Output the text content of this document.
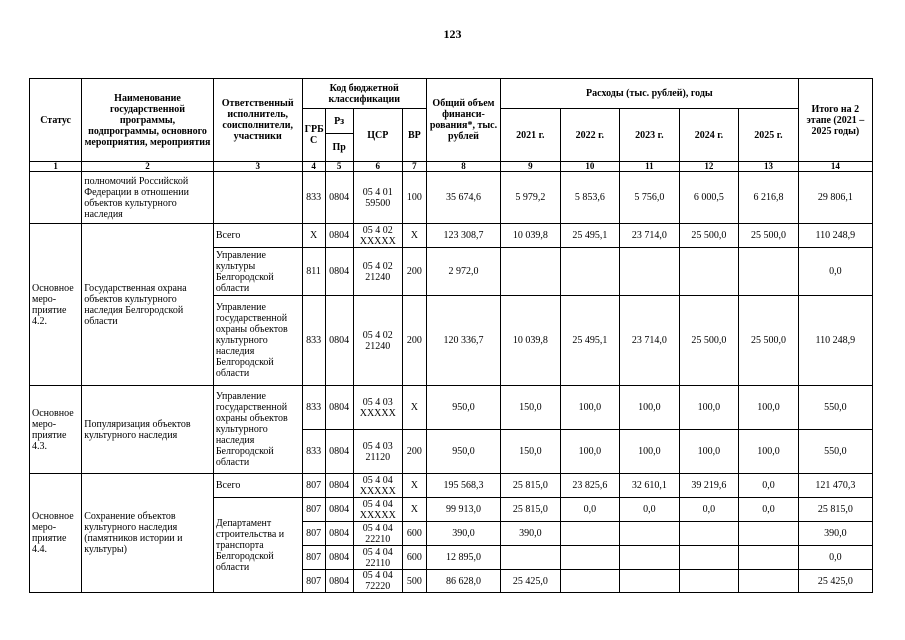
123
Статус	Наименование государственной программы, подпрограммы, основного мероприятия, мероприятия	Ответственный исполнитель, соисполнители, участники	Код бюджетной классификации				Общий объем финанси-рования*, тыс. рублей	Расходы (тыс. рублей), годы					Итого на 2 этапе (2021 – 2025 годы)
			ГРБ С	Рз	ЦСР	ВР		2021 г.	2022 г.	2023 г.	2024 г.	2025 г.	
				Пр									
1	2	3	4	5	6	7	8	9	10	11	12	13	14
	полномочий Российской Федерации в отношении объектов культурного наследия		833	0804	05 4 01 59500	100	35 674,6	5 979,2	5 853,6	5 756,0	6 000,5	6 216,8	29 806,1
Основное меро-приятие 4.2.	Государственная охрана объектов культурного наследия Белгородской области	Всего	Х	0804	05 4 02 ХХХХХ	Х	123 308,7	10 039,8	25 495,1	23 714,0	25 500,0	25 500,0	110 248,9
		Управление культуры Белгородской области	811	0804	05 4 02 21240	200	2 972,0						0,0
		Управление государственной охраны объектов культурного наследия Белгородской области	833	0804	05 4 02 21240	200	120 336,7	10 039,8	25 495,1	23 714,0	25 500,0	25 500,0	110 248,9
Основное меро-приятие 4.3.	Популяризация объектов культурного наследия	Управление государственной охраны объектов культурного наследия Белгородской области	833	0804	05 4 03 ХХХХХ	Х	950,0	150,0	100,0	100,0	100,0	100,0	550,0
			833	0804	05 4 03 21120	200	950,0	150,0	100,0	100,0	100,0	100,0	550,0
Основное меро-приятие 4.4.	Сохранение объектов культурного наследия (памятников истории и культуры)	Всего	807	0804	05 4 04 ХХХХХ	Х	195 568,3	25 815,0	23 825,6	32 610,1	39 219,6	0,0	121 470,3
		Департамент строительства и транспорта Белгородской области	807	0804	05 4 04 ХХХХХ	Х	99 913,0	25 815,0	0,0	0,0	0,0	0,0	25 815,0
			807	0804	05 4 04 22210	600	390,0	390,0					390,0
			807	0804	05 4 04 22110	600	12 895,0						0,0
			807	0804	05 4 04 72220	500	86 628,0	25 425,0					25 425,0
